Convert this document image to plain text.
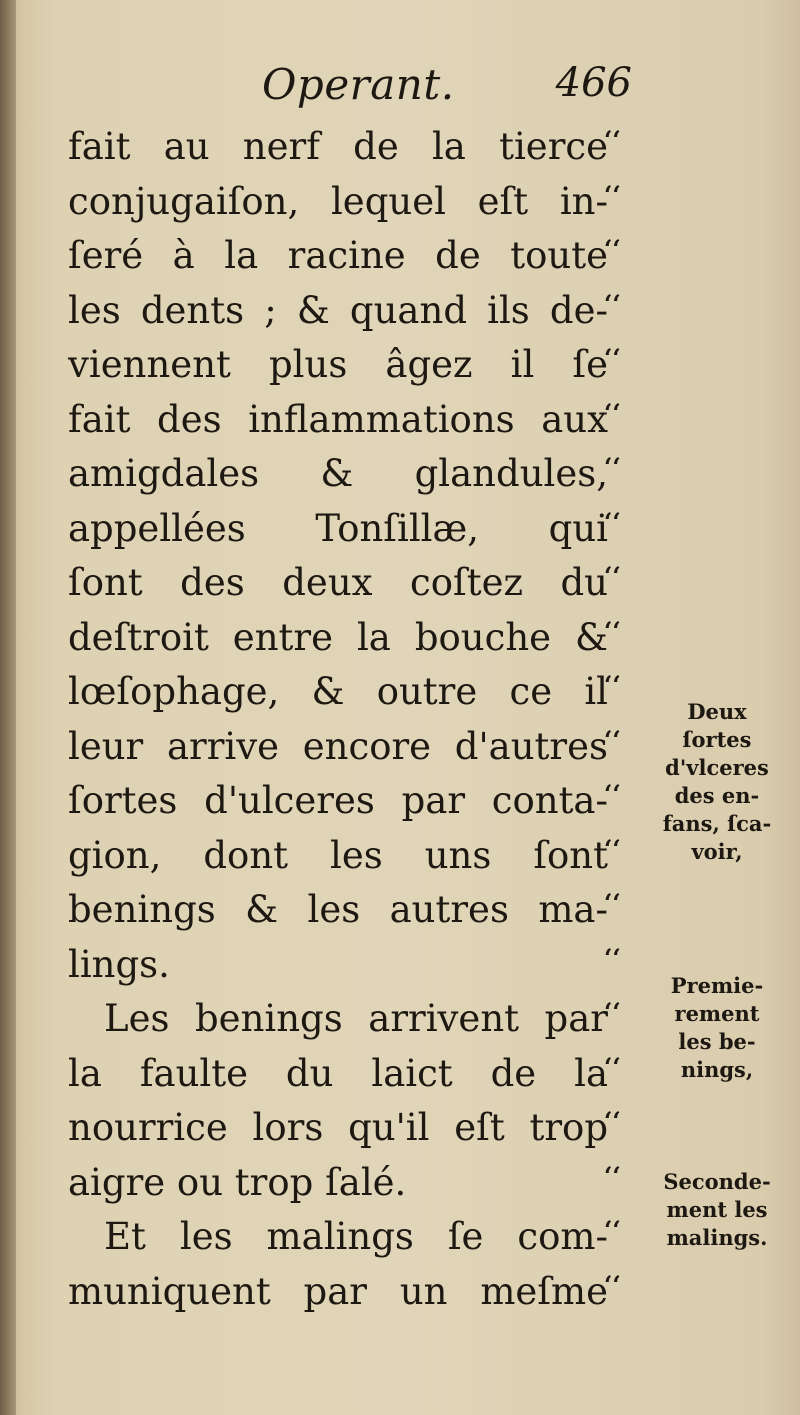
Operant.	466
fait au nerf de la tierce
conjugaiſon, lequel eſt in-
ſeré à la racine de toute
les dents ; & quand ils de-
viennent plus âgez il ſe
fait des inflammations aux
amigdales & glandules,
appellées Tonſillæ, qui
ſont des deux coſtez du
deſtroit entre la bouche &
lœſophage, & outre ce il
leur arrive encore d'autres
ſortes d'ulceres par conta-
gion, dont les uns ſont
benings & les autres ma-
lings.
Les benings arrivent par
la faulte du laict de la
nourrice lors qu'il eſt trop
aigre ou trop ſalé.
Et les malings ſe com-
muniquent par un meſme
‘‘
‘‘
‘‘
‘‘
‘‘
‘‘
‘‘
‘‘
‘‘
‘‘
‘‘
‘‘
‘‘
‘‘
‘‘
‘‘
‘‘
‘‘
‘‘
‘‘
‘‘
‘‘
Deux
ſortes
d'vlceres
des en-
fans, ſca-
voir,
Premie-
rement
les be-
nings,
Seconde-
ment les
malings.
